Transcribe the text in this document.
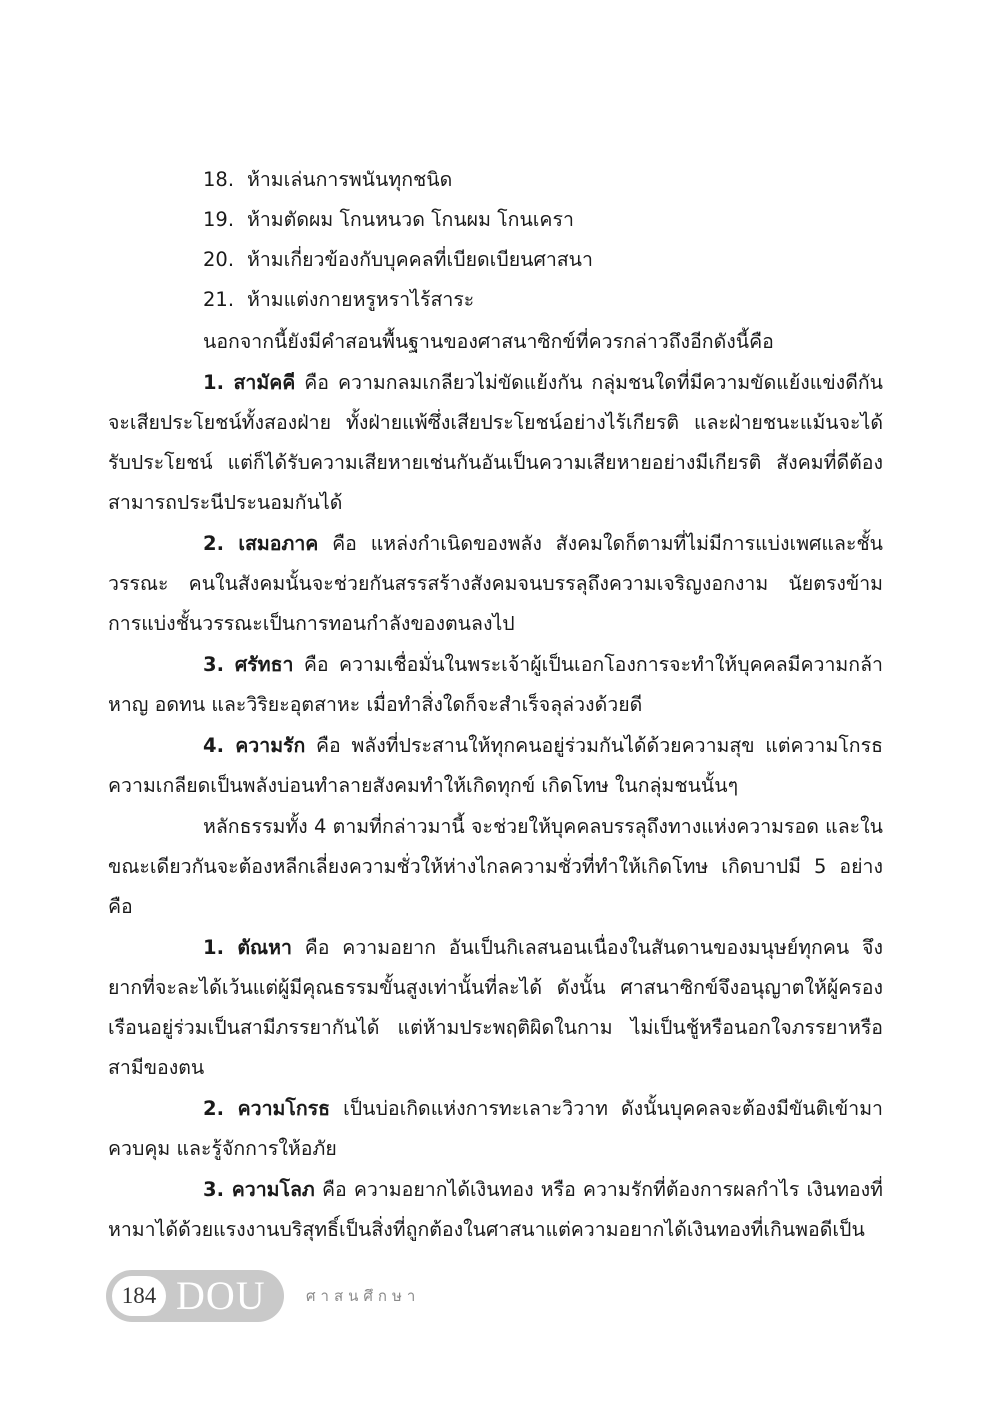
18. ห้ามเล่นการพนันทุกชนิด
19. ห้ามตัดผม โกนหนวด โกนผม โกนเครา
20. ห้ามเกี่ยวข้องกับบุคคลที่เบียดเบียนศาสนา
21. ห้ามแต่งกายหรูหราไร้สาระ
นอกจากนี้ยังมีคำสอนพื้นฐานของศาสนาซิกข์ที่ควรกล่าวถึงอีกดังนี้คือ

1. สามัคคี คือ ความกลมเกลียวไม่ขัดแย้งกัน กลุ่มชนใดที่มีความขัดแย้งแข่งดีกันจะเสียประโยชน์ทั้งสองฝ่าย ทั้งฝ่ายแพ้ซึ่งเสียประโยชน์อย่างไร้เกียรติ และฝ่ายชนะแม้นจะได้รับประโยชน์ แต่ก็ได้รับความเสียหายเช่นกันอันเป็นความเสียหายอย่างมีเกียรติ สังคมที่ดีต้องสามารถประนีประนอมกันได้

2. เสมอภาค คือ แหล่งกำเนิดของพลัง สังคมใดก็ตามที่ไม่มีการแบ่งเพศและชั้นวรรณะ คนในสังคมนั้นจะช่วยกันสรรสร้างสังคมจนบรรลุถึงความเจริญงอกงาม นัยตรงข้ามการแบ่งชั้นวรรณะเป็นการทอนกำลังของตนลงไป

3. ศรัทธา คือ ความเชื่อมั่นในพระเจ้าผู้เป็นเอกโองการจะทำให้บุคคลมีความกล้าหาญ อดทน และวิริยะอุตสาหะ เมื่อทำสิ่งใดก็จะสำเร็จลุล่วงด้วยดี

4. ความรัก คือ พลังที่ประสานให้ทุกคนอยู่ร่วมกันได้ด้วยความสุข แต่ความโกรธความเกลียดเป็นพลังบ่อนทำลายสังคมทำให้เกิดทุกข์ เกิดโทษ ในกลุ่มชนนั้นๆ

หลักธรรมทั้ง 4 ตามที่กล่าวมานี้ จะช่วยให้บุคคลบรรลุถึงทางแห่งความรอด และในขณะเดียวกันจะต้องหลีกเลี่ยงความชั่วให้ห่างไกลความชั่วที่ทำให้เกิดโทษ เกิดบาปมี 5 อย่างคือ

1. ตัณหา คือ ความอยาก อันเป็นกิเลสนอนเนื่องในสันดานของมนุษย์ทุกคน จึงยากที่จะละได้เว้นแต่ผู้มีคุณธรรมขั้นสูงเท่านั้นที่ละได้ ดังนั้น ศาสนาซิกข์จึงอนุญาตให้ผู้ครองเรือนอยู่ร่วมเป็นสามีภรรยากันได้ แต่ห้ามประพฤติผิดในกาม ไม่เป็นชู้หรือนอกใจภรรยาหรือสามีของตน

2. ความโกรธ เป็นบ่อเกิดแห่งการทะเลาะวิวาท ดังนั้นบุคคลจะต้องมีขันติเข้ามาควบคุม และรู้จักการให้อภัย

3. ความโลภ คือ ความอยากได้เงินทอง หรือ ความรักที่ต้องการผลกำไร เงินทองที่หามาได้ด้วยแรงงานบริสุทธิ์เป็นสิ่งที่ถูกต้องในศาสนาแต่ความอยากได้เงินทองที่เกินพอดีเป็น

184 DOU	ศาสนศึกษา
